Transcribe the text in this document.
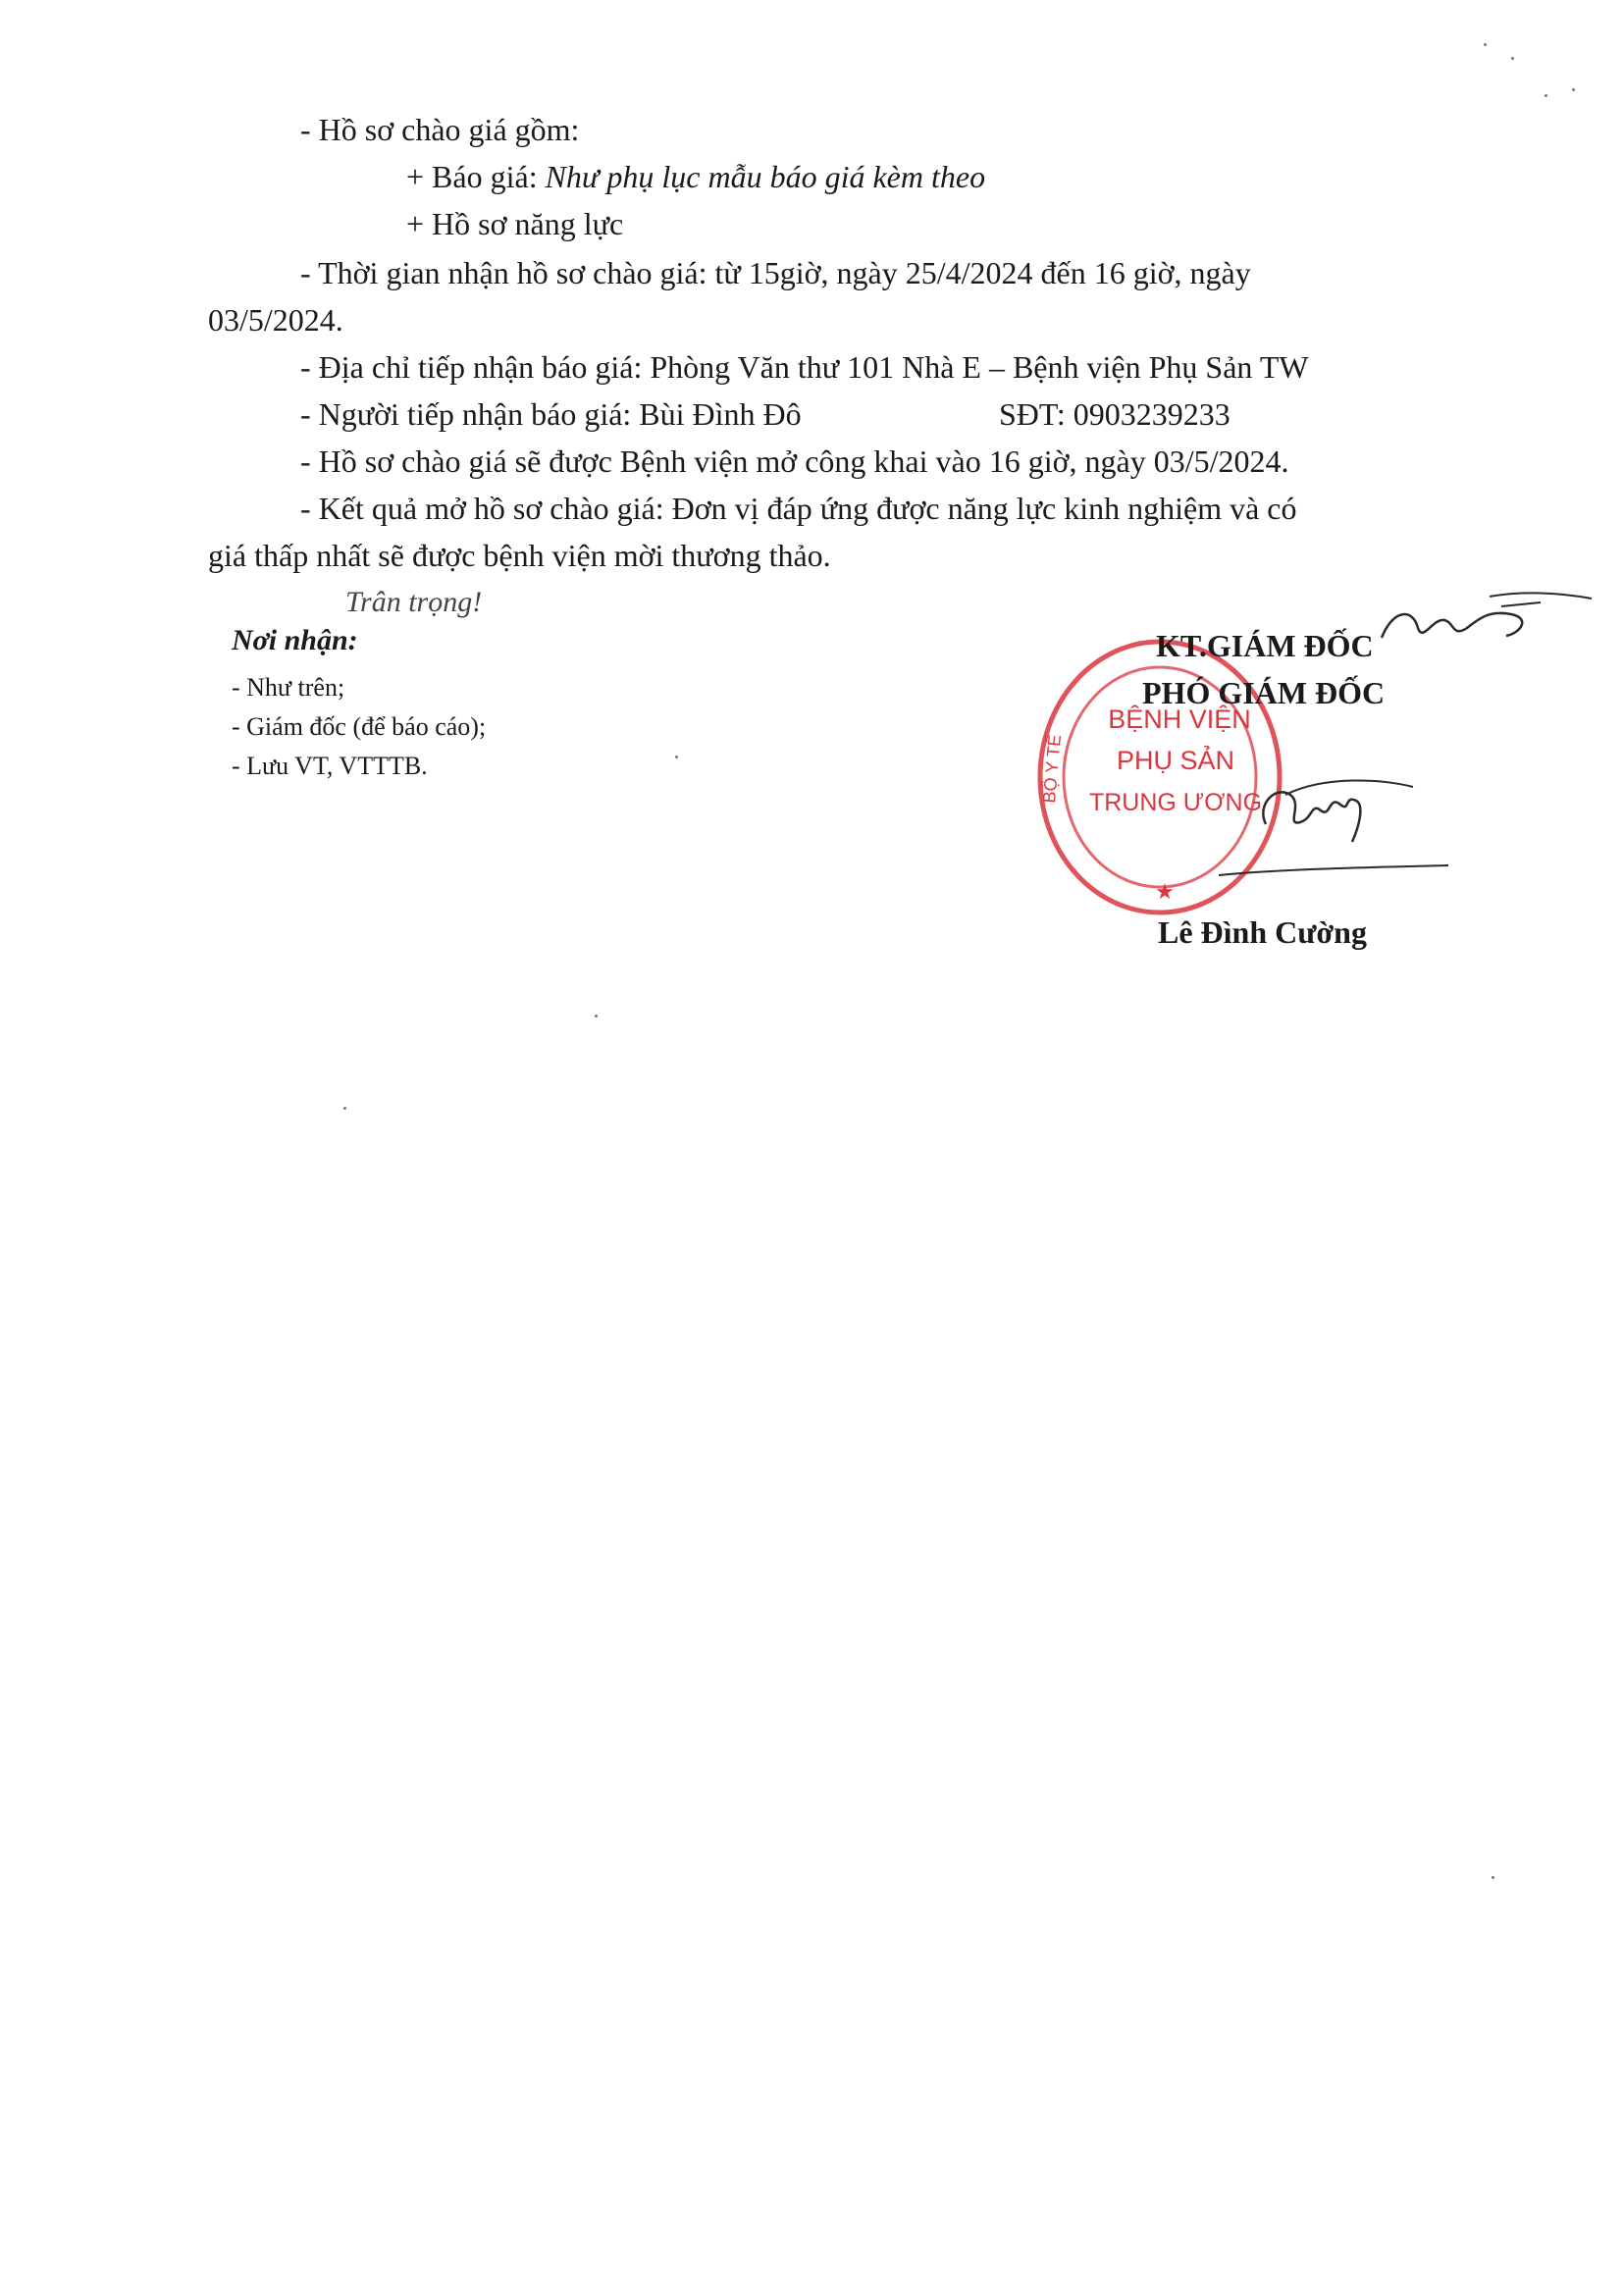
- Hồ sơ chào giá gồm:
+ Báo giá: Như phụ lục mẫu báo giá kèm theo
+ Hồ sơ năng lực
- Thời gian nhận hồ sơ chào giá: từ 15giờ, ngày 25/4/2024 đến 16 giờ, ngày
03/5/2024.
- Địa chỉ tiếp nhận báo giá: Phòng Văn thư 101 Nhà E – Bệnh viện Phụ Sản TW
- Người tiếp nhận báo giá: Bùi Đình Đô	SĐT: 0903239233
- Hồ sơ chào giá sẽ được Bệnh viện mở công khai vào 16 giờ, ngày 03/5/2024.
- Kết quả mở hồ sơ chào giá: Đơn vị đáp ứng được năng lực kinh nghiệm và có
giá thấp nhất sẽ được bệnh viện mời thương thảo.
Trân trọng!
Nơi nhận:
- Như trên;
- Giám đốc (để báo cáo);
- Lưu VT, VTTTB.
BỆNH VIỆN
PHỤ SẢN
TRUNG ƯƠNG
BỘ Y TẾ
★
KT.GIÁM ĐỐC
PHÓ GIÁM ĐỐC
Lê Đình Cường
